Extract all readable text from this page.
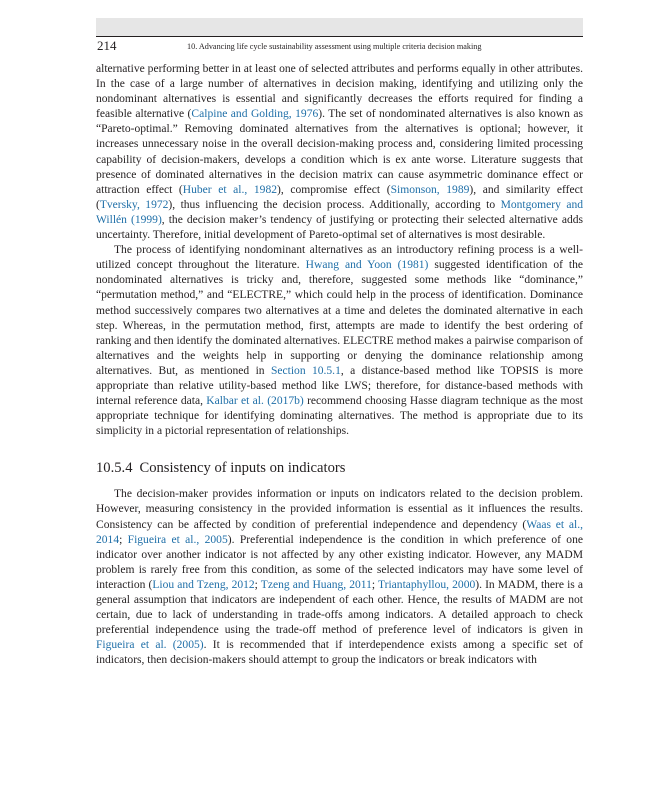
214	10. Advancing life cycle sustainability assessment using multiple criteria decision making

alternative performing better in at least one of selected attributes and performs equally in other attributes. In the case of a large number of alternatives in decision making, identifying and utilizing only the nondominant alternatives is essential and significantly decreases the efforts required for finding a feasible alternative (Calpine and Golding, 1976). The set of nondominated alternatives is also known as “Pareto-optimal.” Removing dominated alternatives from the alternatives is optional; however, it increases unnecessary noise in the overall decision-making process and, considering limited processing capability of decision-makers, develops a condition which is ex ante worse. Literature suggests that presence of dominated alternatives in the decision matrix can cause asymmetric dominance effect or attraction effect (Huber et al., 1982), compromise effect (Simonson, 1989), and similarity effect (Tversky, 1972), thus influencing the decision process. Additionally, according to Montgomery and Willén (1999), the decision maker’s tendency of justifying or protecting their selected alternative adds uncertainty. Therefore, initial development of Pareto-optimal set of alternatives is most desirable.

The process of identifying nondominant alternatives as an introductory refining process is a well-utilized concept throughout the literature. Hwang and Yoon (1981) suggested identification of the nondominated alternatives is tricky and, therefore, suggested some methods like “dominance,” “permutation method,” and “ELECTRE,” which could help in the process of identification. Dominance method successively compares two alternatives at a time and deletes the dominated alternative in each step. Whereas, in the permutation method, first, attempts are made to identify the best ordering of ranking and then identify the dominated alternatives. ELECTRE method makes a pairwise comparison of alternatives and the weights help in supporting or denying the dominance relationship among alternatives. But, as mentioned in Section 10.5.1, a distance-based method like TOPSIS is more appropriate than relative utility-based method like LWS; therefore, for distance-based methods with internal reference data, Kalbar et al. (2017b) recommend choosing Hasse diagram technique as the most appropriate technique for identifying dominating alternatives. The method is appropriate due to its simplicity in a pictorial representation of relationships.

10.5.4 Consistency of inputs on indicators

The decision-maker provides information or inputs on indicators related to the decision problem. However, measuring consistency in the provided information is essential as it influences the results. Consistency can be affected by condition of preferential independence and dependency (Waas et al., 2014; Figueira et al., 2005). Preferential independence is the condition in which preference of one indicator over another indicator is not affected by any other existing indicator. However, any MADM problem is rarely free from this condition, as some of the selected indicators may have some level of interaction (Liou and Tzeng, 2012; Tzeng and Huang, 2011; Triantaphyllou, 2000). In MADM, there is a general assumption that indicators are independent of each other. Hence, the results of MADM are not certain, due to lack of understanding in trade-offs among indicators. A detailed approach to check preferential independence using the trade-off method of preference level of indicators is given in Figueira et al. (2005). It is recommended that if interdependence exists among a specific set of indicators, then decision-makers should attempt to group the indicators or break indicators with
